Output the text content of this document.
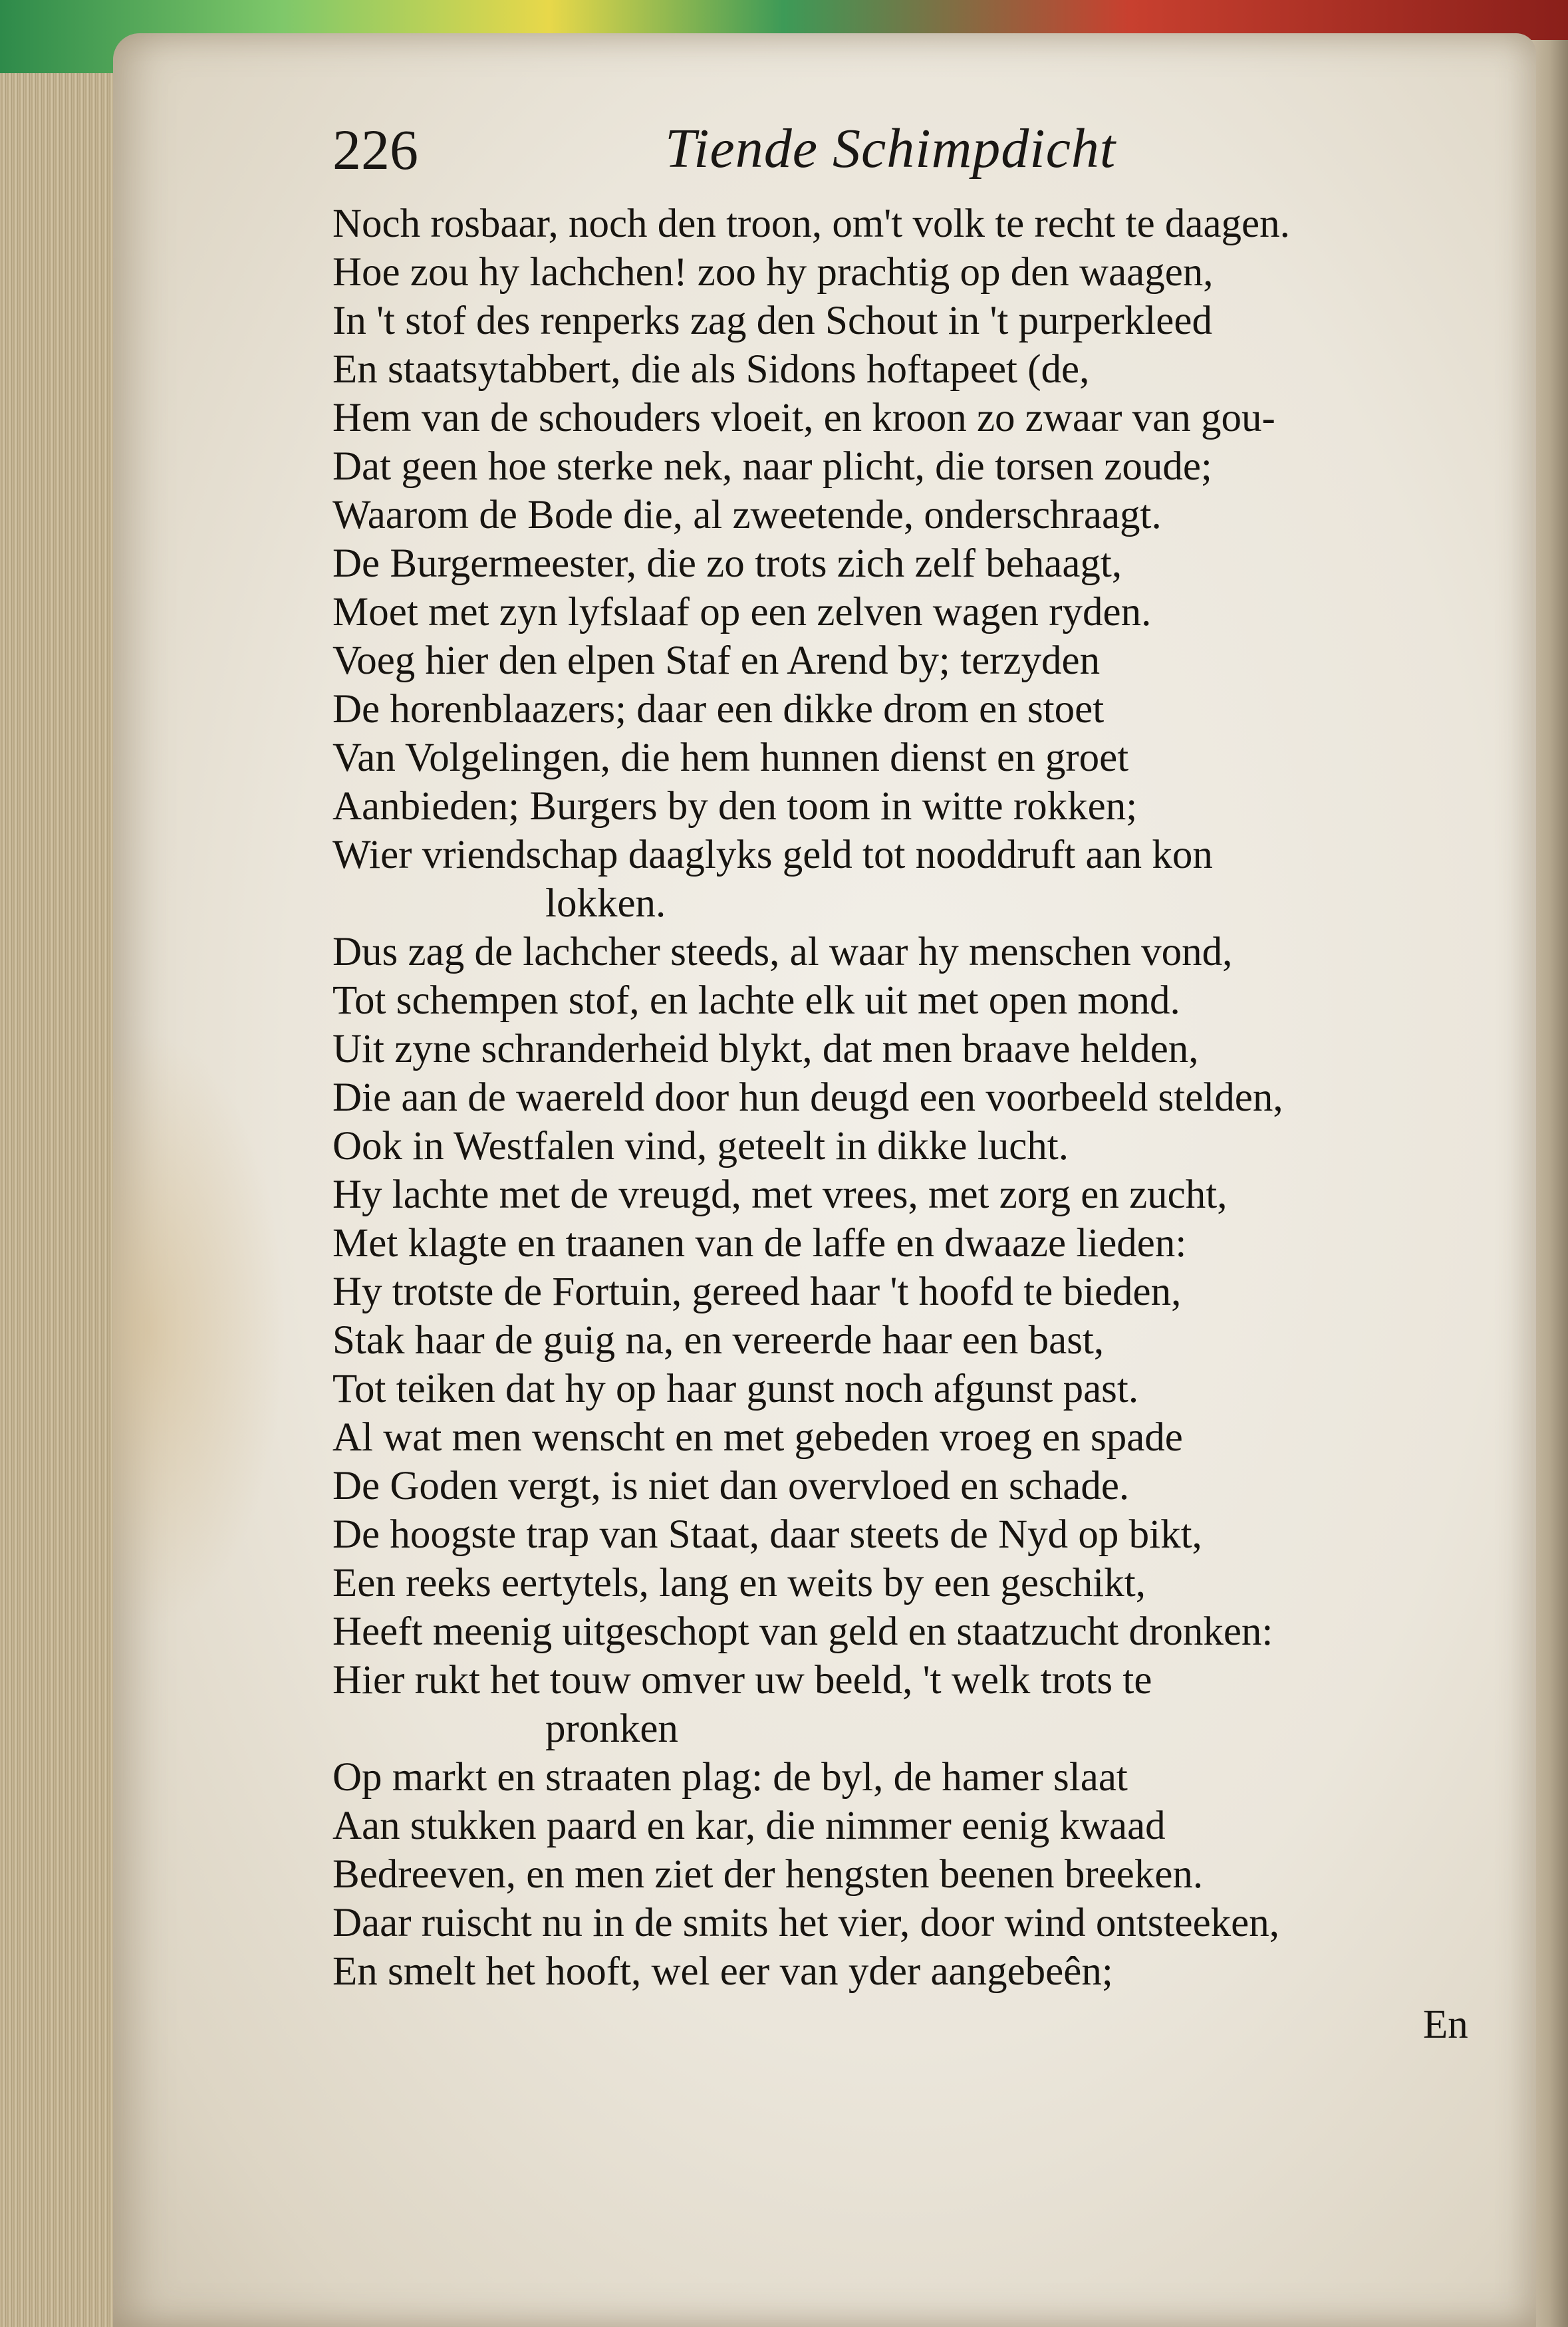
226	Tiende Schimpdicht
Noch rosbaar, noch den troon, om't volk te recht te daagen.
Hoe zou hy lachchen! zoo hy prachtig op den waagen,
In 't stof des renperks zag den Schout in 't purperkleed
En staatsytabbert, die als Sidons hoftapeet (de,
Hem van de schouders vloeit, en kroon zo zwaar van gou-
Dat geen hoe sterke nek, naar plicht, die torsen zoude;
Waarom de Bode die, al zweetende, onderschraagt.
De Burgermeester, die zo trots zich zelf behaagt,
Moet met zyn lyfslaaf op een zelven wagen ryden.
Voeg hier den elpen Staf en Arend by; terzyden
De horenblaazers; daar een dikke drom en stoet
Van Volgelingen, die hem hunnen dienst en groet
Aanbieden; Burgers by den toom in witte rokken;
Wier vriendschap daaglyks geld tot nooddruft aan kon
lokken.
Dus zag de lachcher steeds, al waar hy menschen vond,
Tot schempen stof, en lachte elk uit met open mond.
Uit zyne schranderheid blykt, dat men braave helden,
Die aan de waereld door hun deugd een voorbeeld stelden,
Ook in Westfalen vind, geteelt in dikke lucht.
Hy lachte met de vreugd, met vrees, met zorg en zucht,
Met klagte en traanen van de laffe en dwaaze lieden:
Hy trotste de Fortuin, gereed haar 't hoofd te bieden,
Stak haar de guig na, en vereerde haar een bast,
Tot teiken dat hy op haar gunst noch afgunst past.
Al wat men wenscht en met gebeden vroeg en spade
De Goden vergt, is niet dan overvloed en schade.
De hoogste trap van Staat, daar steets de Nyd op bikt,
Een reeks eertytels, lang en weits by een geschikt,
Heeft meenig uitgeschopt van geld en staatzucht dronken:
Hier rukt het touw omver uw beeld, 't welk trots te
pronken
Op markt en straaten plag: de byl, de hamer slaat
Aan stukken paard en kar, die nimmer eenig kwaad
Bedreeven, en men ziet der hengsten beenen breeken.
Daar ruischt nu in de smits het vier, door wind ontsteeken,
En smelt het hooft, wel eer van yder aangebeên;
En
